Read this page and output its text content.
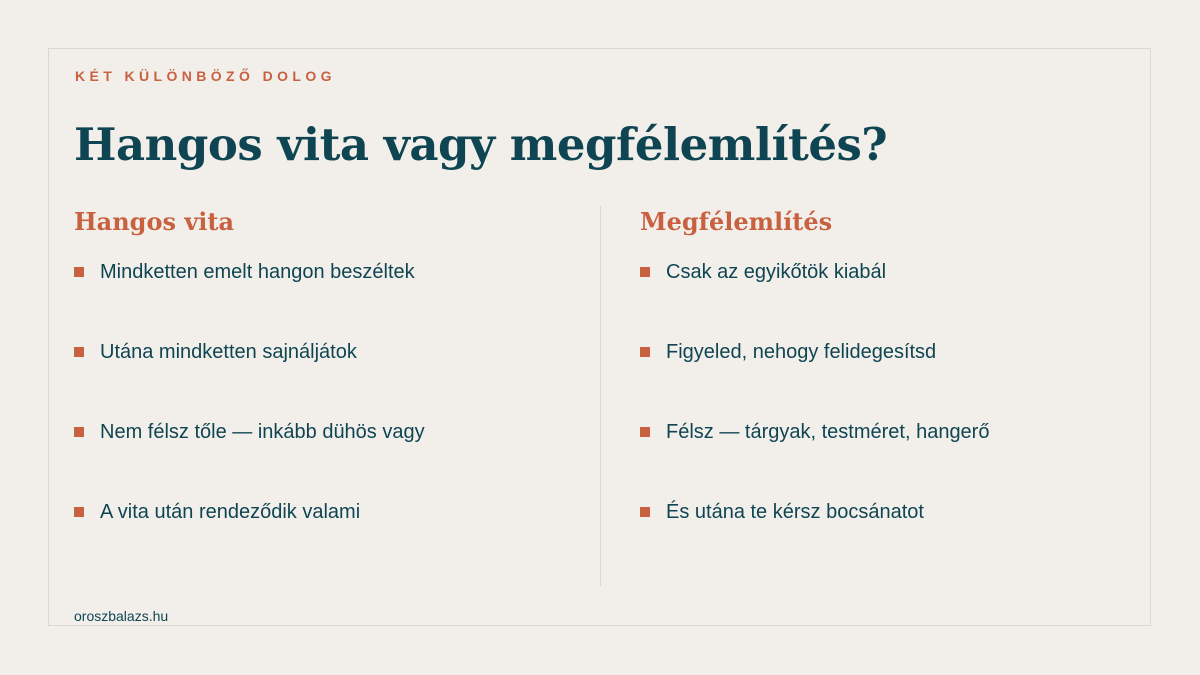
KÉT KÜLÖNBÖZŐ DOLOG
Hangos vita vagy megfélemlítés?
Hangos vita
Mindketten emelt hangon beszéltek
Utána mindketten sajnáljátok
Nem félsz tőle — inkább dühös vagy
A vita után rendeződik valami
Megfélemlítés
Csak az egyikőtök kiabál
Figyeled, nehogy felidegesítsd
Félsz — tárgyak, testméret, hangerő
És utána te kérsz bocsánatot
oroszbalazs.hu
